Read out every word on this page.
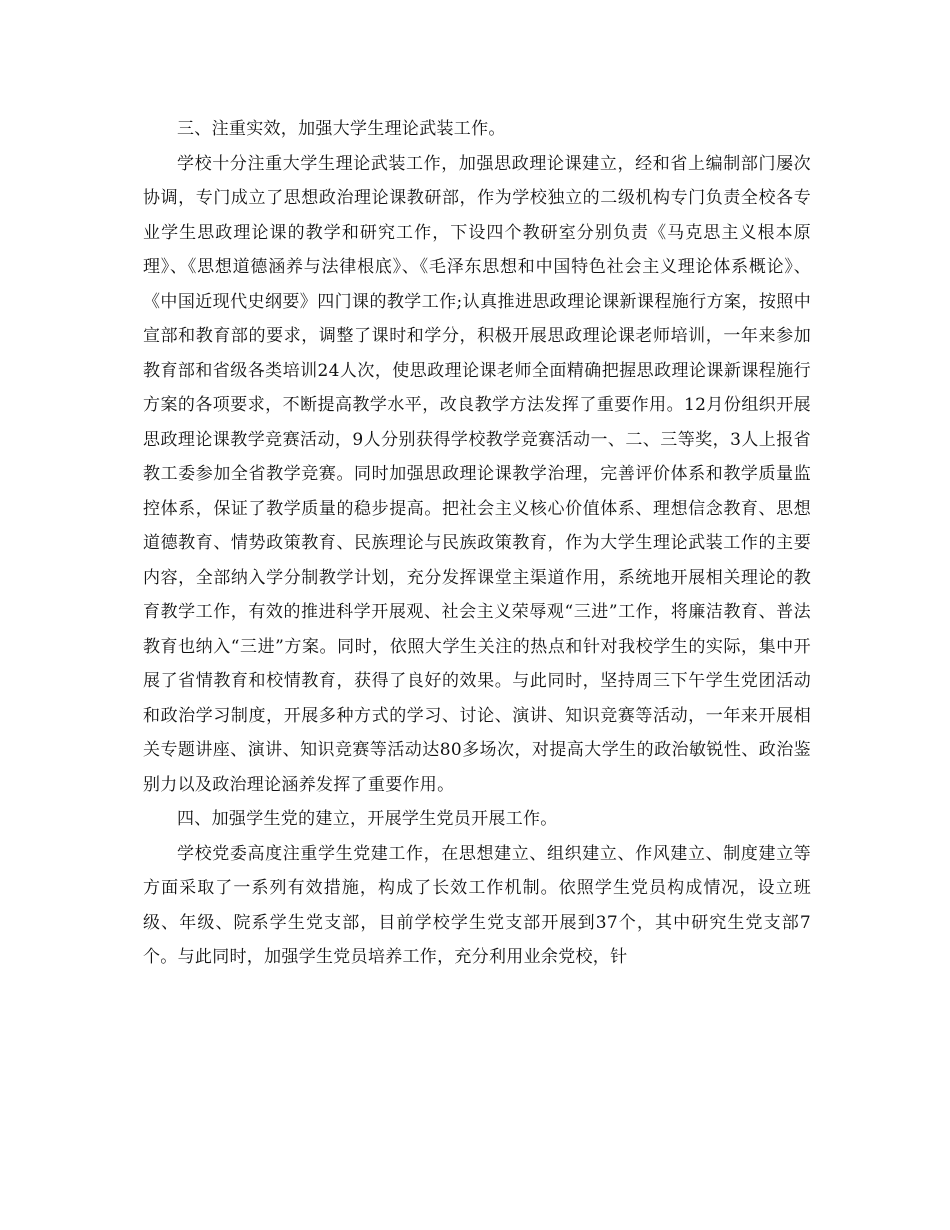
三、注重实效，加强大学生理论武装工作。

学校十分注重大学生理论武装工作，加强思政理论课建立，经和省上编制部门屡次协调，专门成立了思想政治理论课教研部，作为学校独立的二级机构专门负责全校各专业学生思政理论课的教学和研究工作，下设四个教研室分别负责《马克思主义根本原理》、《思想道德涵养与法律根底》、《毛泽东思想和中国特色社会主义理论体系概论》、《中国近现代史纲要》四门课的教学工作;认真推进思政理论课新课程施行方案，按照中宣部和教育部的要求，调整了课时和学分，积极开展思政理论课老师培训，一年来参加教育部和省级各类培训24人次，使思政理论课老师全面精确把握思政理论课新课程施行方案的各项要求，不断提高教学水平，改良教学方法发挥了重要作用。12月份组织开展思政理论课教学竞赛活动，9人分别获得学校教学竞赛活动一、二、三等奖，3人上报省教工委参加全省教学竞赛。同时加强思政理论课教学治理，完善评价体系和教学质量监控体系，保证了教学质量的稳步提高。把社会主义核心价值体系、理想信念教育、思想道德教育、情势政策教育、民族理论与民族政策教育，作为大学生理论武装工作的主要内容，全部纳入学分制教学计划，充分发挥课堂主渠道作用，系统地开展相关理论的教育教学工作，有效的推进科学开展观、社会主义荣辱观“三进”工作，将廉洁教育、普法教育也纳入“三进”方案。同时，依照大学生关注的热点和针对我校学生的实际，集中开展了省情教育和校情教育，获得了良好的效果。与此同时，坚持周三下午学生党团活动和政治学习制度，开展多种方式的学习、讨论、演讲、知识竞赛等活动，一年来开展相关专题讲座、演讲、知识竞赛等活动达80多场次，对提高大学生的政治敏锐性、政治鉴别力以及政治理论涵养发挥了重要作用。

四、加强学生党的建立，开展学生党员开展工作。

学校党委高度注重学生党建工作，在思想建立、组织建立、作风建立、制度建立等方面采取了一系列有效措施，构成了长效工作机制。依照学生党员构成情况，设立班级、年级、院系学生党支部，目前学校学生党支部开展到37个，其中研究生党支部7个。与此同时，加强学生党员培养工作，充分利用业余党校，针
